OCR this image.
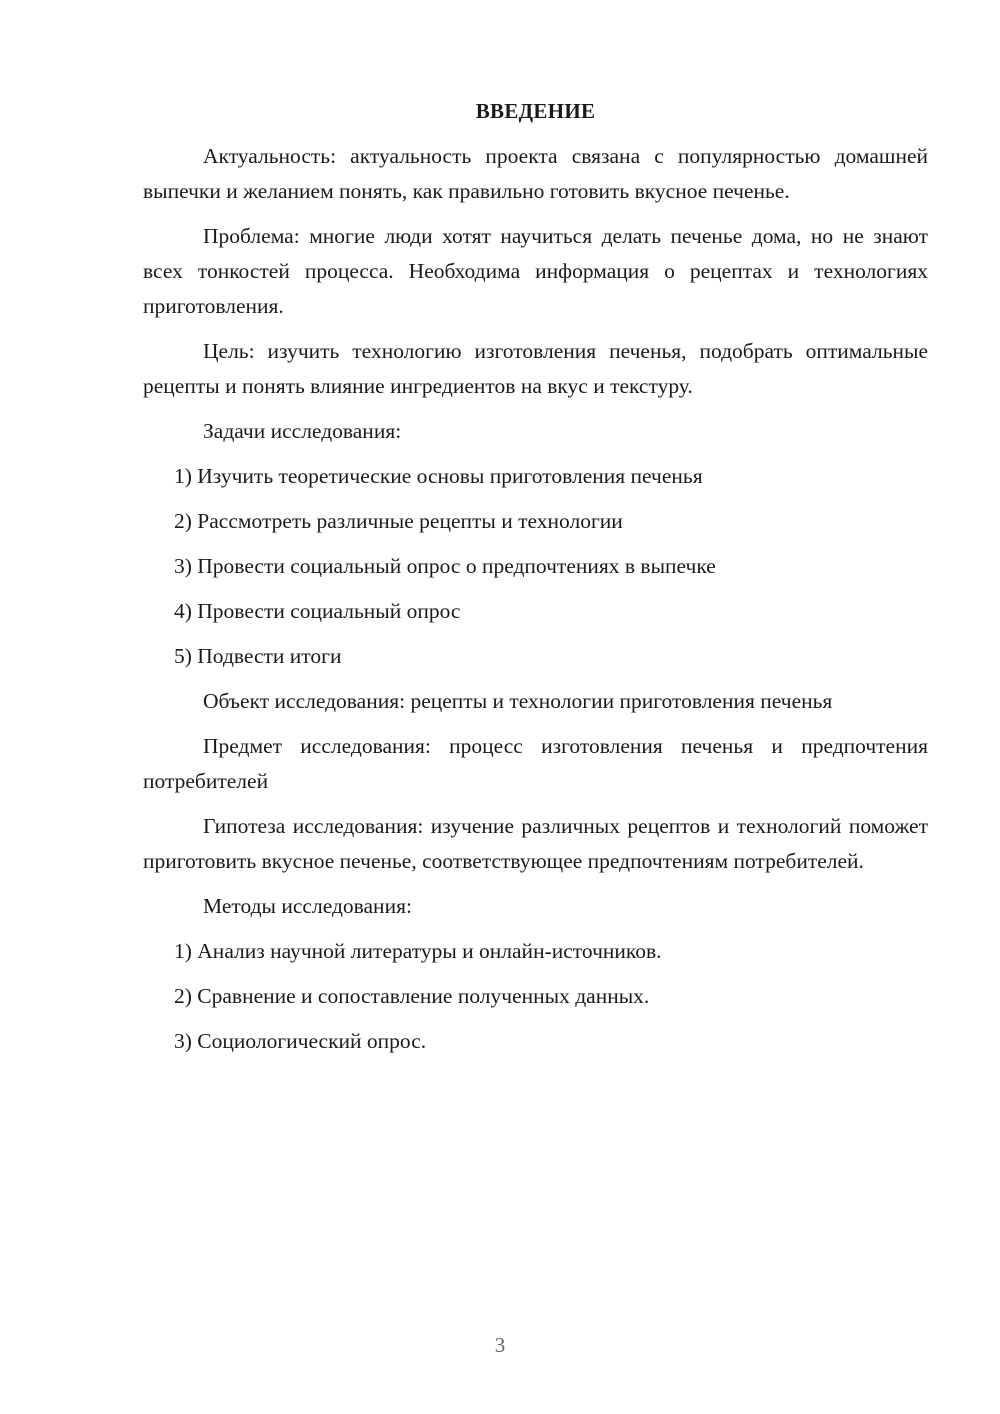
ВВЕДЕНИЕ

Актуальность: актуальность проекта связана с популярностью домашней выпечки и желанием понять, как правильно готовить вкусное печенье.

Проблема: многие люди хотят научиться делать печенье дома, но не знают всех тонкостей процесса. Необходима информация о рецептах и технологиях приготовления.

Цель: изучить технологию изготовления печенья, подобрать оптимальные рецепты и понять влияние ингредиентов на вкус и текстуру.

Задачи исследования:

1) Изучить теоретические основы приготовления печенья
2) Рассмотреть различные рецепты и технологии
3) Провести социальный опрос о предпочтениях в выпечке
4) Провести социальный опрос
5) Подвести итоги

Объект исследования: рецепты и технологии приготовления печенья

Предмет исследования: процесс изготовления печенья и предпочтения потребителей

Гипотеза исследования: изучение различных рецептов и технологий поможет приготовить вкусное печенье, соответствующее предпочтениям потребителей.

Методы исследования:

1) Анализ научной литературы и онлайн-источников.
2) Сравнение и сопоставление полученных данных.
3) Социологический опрос.
3
